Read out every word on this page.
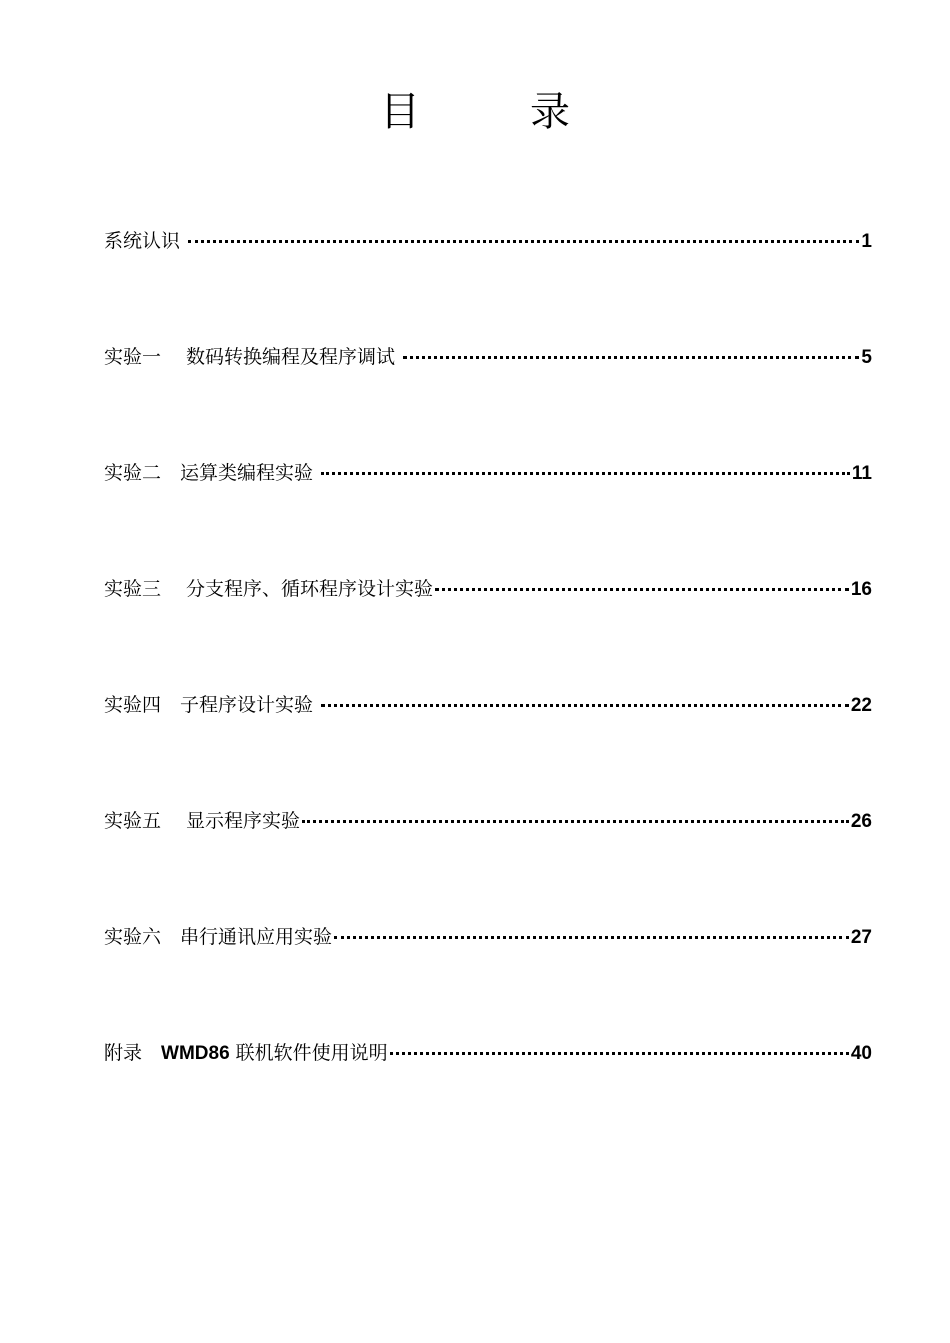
目	录
系统认识	1
实验一　 数码转换编程及程序调试	5
实验二　运算类编程实验	11
实验三　 分支程序、循环程序设计实验	16
实验四　子程序设计实验	22
实验五　 显示程序实验	26
实验六　串行通讯应用实验	27
附录　WMD86 联机软件使用说明	40
